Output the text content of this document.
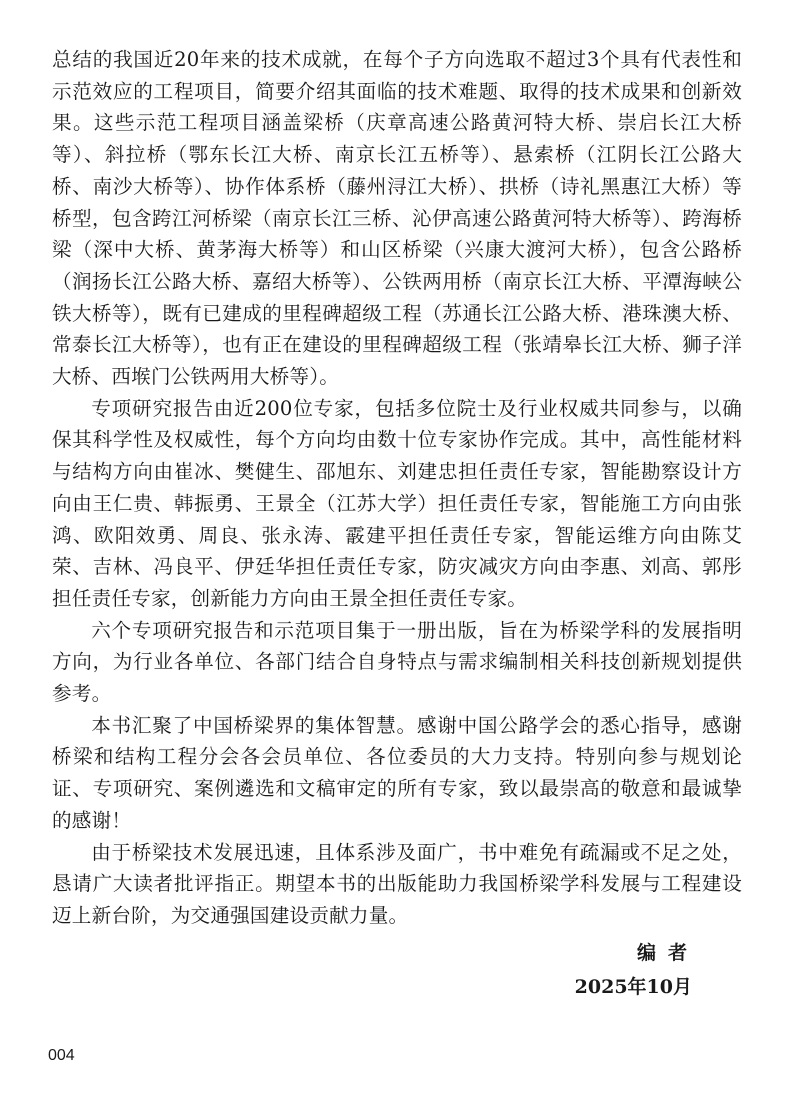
总结的我国近20年来的技术成就，在每个子方向选取不超过3个具有代表性和示范效应的工程项目，简要介绍其面临的技术难题、取得的技术成果和创新效果。这些示范工程项目涵盖梁桥（庆章高速公路黄河特大桥、崇启长江大桥等）、斜拉桥（鄂东长江大桥、南京长江五桥等）、悬索桥（江阴长江公路大桥、南沙大桥等）、协作体系桥（藤州浔江大桥）、拱桥（诗礼黑惠江大桥）等桥型，包含跨江河桥梁（南京长江三桥、沁伊高速公路黄河特大桥等）、跨海桥梁（深中大桥、黄茅海大桥等）和山区桥梁（兴康大渡河大桥），包含公路桥（润扬长江公路大桥、嘉绍大桥等）、公铁两用桥（南京长江大桥、平潭海峡公铁大桥等），既有已建成的里程碑超级工程（苏通长江公路大桥、港珠澳大桥、常泰长江大桥等），也有正在建设的里程碑超级工程（张靖皋长江大桥、狮子洋大桥、西堠门公铁两用大桥等）。

专项研究报告由近200位专家，包括多位院士及行业权威共同参与，以确保其科学性及权威性，每个方向均由数十位专家协作完成。其中，高性能材料与结构方向由崔冰、樊健生、邵旭东、刘建忠担任责任专家，智能勘察设计方向由王仁贵、韩振勇、王景全（江苏大学）担任责任专家，智能施工方向由张鸿、欧阳效勇、周良、张永涛、霰建平担任责任专家，智能运维方向由陈艾荣、吉林、冯良平、伊廷华担任责任专家，防灾减灾方向由李惠、刘高、郭彤担任责任专家，创新能力方向由王景全担任责任专家。

六个专项研究报告和示范项目集于一册出版，旨在为桥梁学科的发展指明方向，为行业各单位、各部门结合自身特点与需求编制相关科技创新规划提供参考。

本书汇聚了中国桥梁界的集体智慧。感谢中国公路学会的悉心指导，感谢桥梁和结构工程分会各会员单位、各位委员的大力支持。特别向参与规划论证、专项研究、案例遴选和文稿审定的所有专家，致以最崇高的敬意和最诚挚的感谢！

由于桥梁技术发展迅速，且体系涉及面广，书中难免有疏漏或不足之处，恳请广大读者批评指正。期望本书的出版能助力我国桥梁学科发展与工程建设迈上新台阶，为交通强国建设贡献力量。

编者
2025年10月
004
